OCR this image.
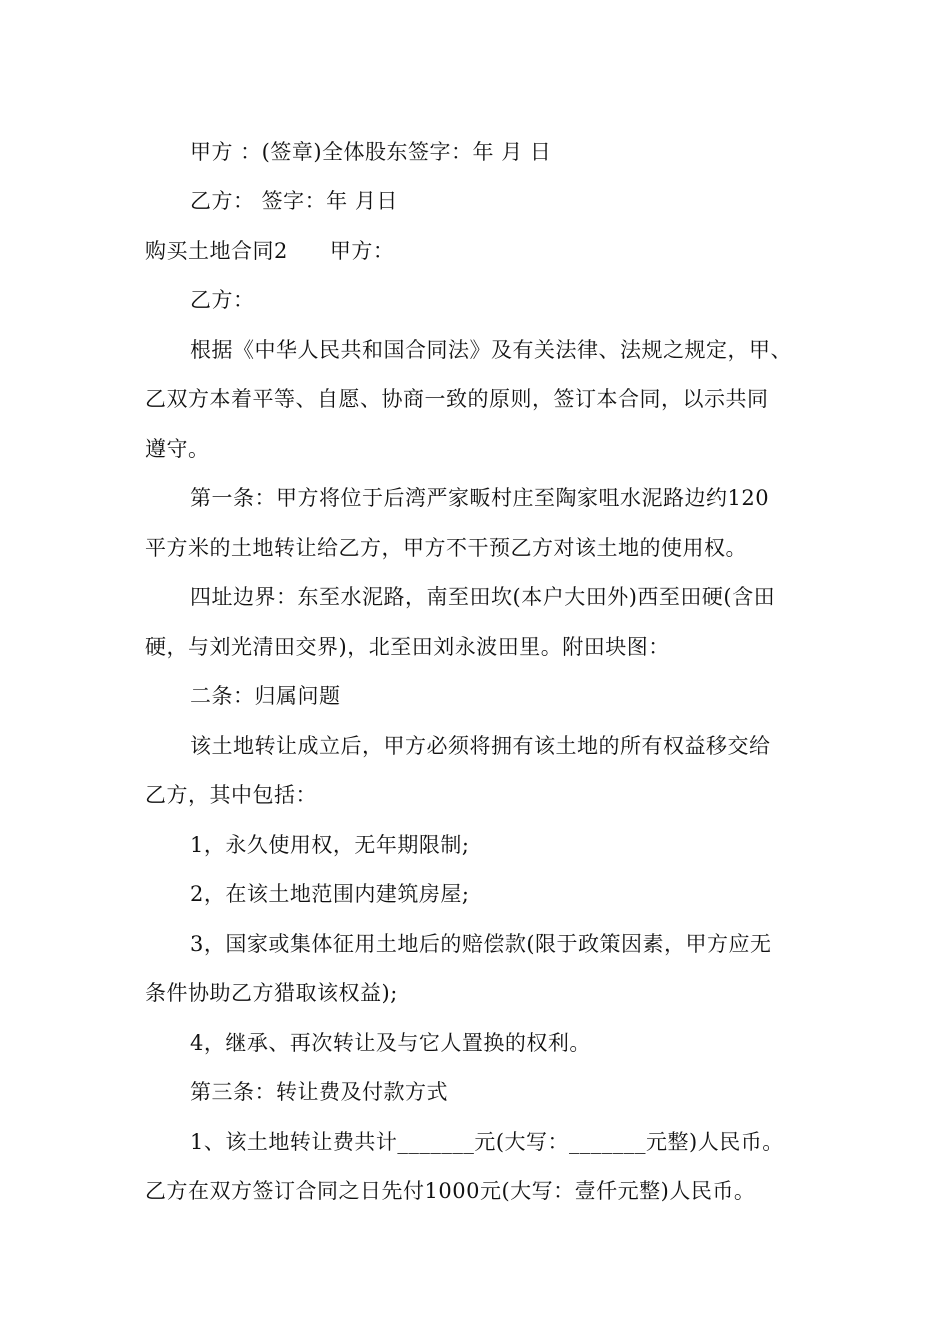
甲方 ：(签章)全体股东签字：年 月 日
乙方： 签字：年 月日
购买土地合同2 甲方：
乙方：
根据《中华人民共和国合同法》及有关法律、法规之规定，甲、
乙双方本着平等、自愿、协商一致的原则，签订本合同，以示共同
遵守。
第一条：甲方将位于后湾严家畈村庄至陶家咀水泥路边约120
平方米的土地转让给乙方，甲方不干预乙方对该土地的使用权。
四址边界：东至水泥路，南至田坎(本户大田外)西至田硬(含田
硬，与刘光清田交界)，北至田刘永波田里。附田块图：
二条：归属问题
该土地转让成立后，甲方必须将拥有该土地的所有权益移交给
乙方，其中包括：
1，永久使用权，无年期限制;
2，在该土地范围内建筑房屋;
3，国家或集体征用土地后的赔偿款(限于政策因素，甲方应无
条件协助乙方猎取该权益);
4，继承、再次转让及与它人置换的权利。
第三条：转让费及付款方式
1、该土地转让费共计_______元(大写：_______元整)人民币。
乙方在双方签订合同之日先付1000元(大写：壹仟元整)人民币。
